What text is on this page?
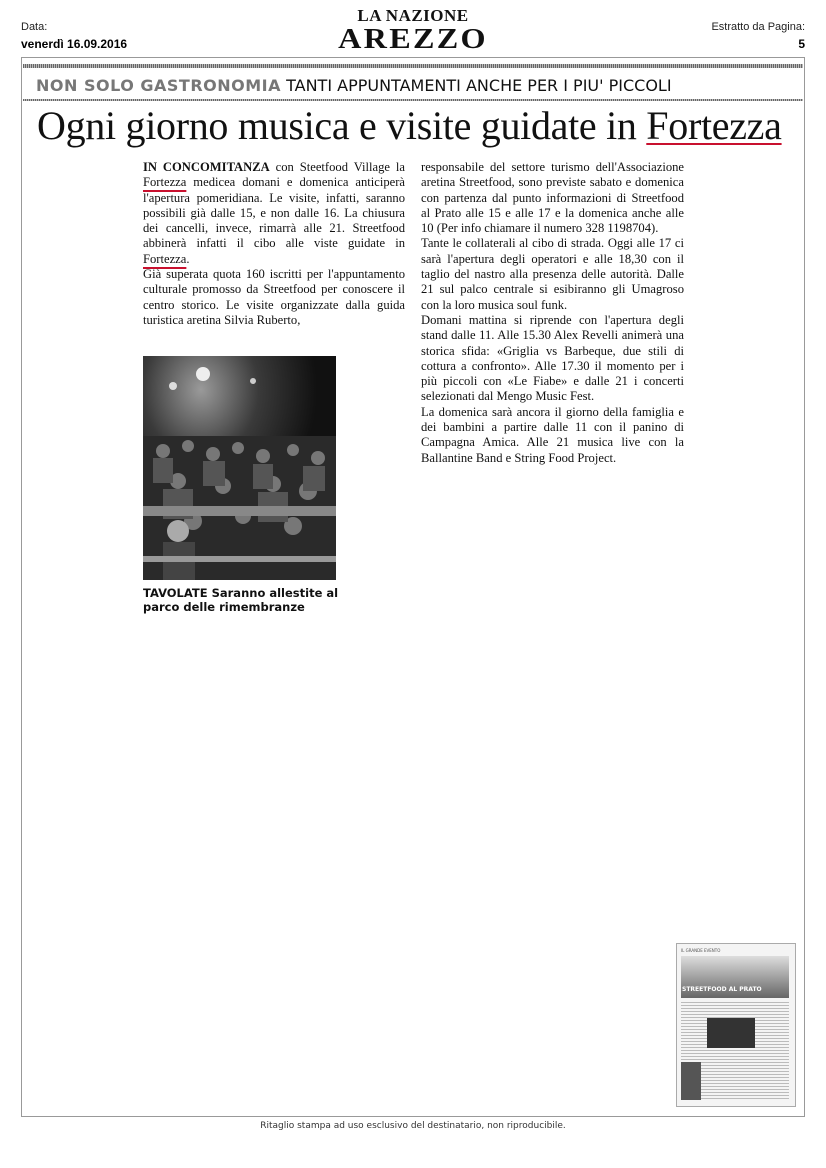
Data:
venerdì 16.09.2016
LA NAZIONE
AREZZO	Estratto da Pagina:
5
NON SOLO GASTRONOMIA TANTI APPUNTAMENTI ANCHE PER I PIU' PICCOLI
Ogni giorno musica e visite guidate in Fortezza

IN CONCOMITANZA con Steetfood Village la Fortezza medicea domani e domenica anticiperà l'apertura pomeridiana. Le visite, infatti, saranno possibili già dalle 15, e non dalle 16. La chiusura dei cancelli, invece, rimarrà alle 21. Streetfood abbinerà infatti il cibo alle viste guidate in Fortezza.

Già superata quota 160 iscritti per l'appuntamento culturale promosso da Streetfood per conoscere il centro storico. Le visite organizzate dalla guida turistica aretina Silvia Ruberto,

TAVOLATE Saranno allestite al parco delle rimembranze

responsabile del settore turismo dell'Associazione aretina Streetfood, sono previste sabato e domenica con partenza dal punto informazioni di Streetfood al Prato alle 15 e alle 17 e la domenica anche alle 10 (Per info chiamare il numero 328 1198704).

Tante le collaterali al cibo di strada. Oggi alle 17 ci sarà l'apertura degli operatori e alle 18,30 con il taglio del nastro alla presenza delle autorità. Dalle 21 sul palco centrale si esibiranno gli Umagroso con la loro musica soul funk.

Domani mattina si riprende con l'apertura degli stand dalle 11. Alle 15.30 Alex Revelli animerà una storica sfida: «Griglia vs Barbeque, due stili di cottura a confronto». Alle 17.30 il momento per i più piccoli con «Le Fiabe» e dalle 21 i concerti selezionati dal Mengo Music Fest.

La domenica sarà ancora il giorno della famiglia e dei bambini a partire dalle 11 con il panino di Campagna Amica. Alle 21 musica live con la Ballantine Band e String Food Project.

IL GRANDE EVENTO
STREETFOOD AL PRATO
Ritaglio stampa ad uso esclusivo del destinatario, non riproducibile.
